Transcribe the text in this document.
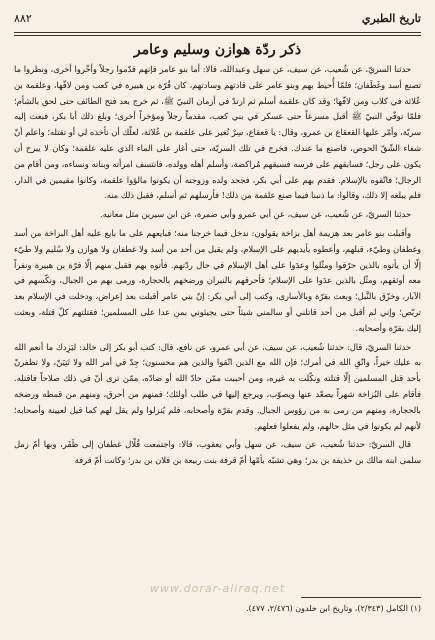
تاريخ الطبري
٨٨٢
ذكر ردّة هوازن وسليم وعامر

حدثنا السريّ، عن شُعيب، عن سيف، عن سهل وعبدالله، قالا: أما بنو عامر فإنهم قدّموا رجلاً وأخّروا أخرى، ونظروا ما تصنع أسد وغَطَفان؛ فلمّا أُحيط بهم وبنو عامر على قادتهم وسادتهم، كان قُرّة بن هبيرة في كعب ومن لافّها، وعلقمة بن عُلاثة في كلاب ومن لافّها؛ وقد كان علقمة أسلم ثم ارتدّ في أزمان النبيّ ﷺ، ثم خرج بعد فتح الطائف حتى لحق بالشأم؛ فلمّا توفّي النبيّ ﷺ أقبل مسرعاً حتى عسكر في بني كعب، مقدماً رجلاً ومؤخراً أخرى؛ وبلغ ذلك أبا بكر، فبعث إليه سريّة، وأمّر عليها القعقاع بن عمرو، وقال: يا قعقاع، سِرْ تُغير على علقمة بن عُلاثة، لعلّك أن تأخذه لي أو تقتله؛ واعلم أنّ شفاء الشّقّ الحوص، فاصنع ما عندك. فخرج في تلك السريّة، حتى أغار على الماء الذي عليه علقمة؛ وكان لا يبرح أن يكون على رجل؛ فسابقهم على فرسه فسبقهم مُراكضة، وأسلم أهله وولده، فانتسف امرأته وبناته ونساءه، ومن أقام من الرجال؛ فاتّقوه بالإسلام. فقدم بهم على أبي بكر، فجحد ولده وزوجته أن يكونوا مالؤوا علقمة، وكانوا مقيمين في الدار، فلم يبلغه إلا ذلك، وقالوا: ما ذنبنا فيما صنع علقمة من ذلك! فأرسلهم ثم أسلم، فقبل ذلك منه.

حدثنا السريّ، عن شُعيب، عن سيف، عن أبي عمرو وأبي ضمرة، عن ابن سيرين مثل معانيه.

وأقبلت بنو عامر بعد هزيمة أهل بزاخة يقولون: ندخل فيما خرجنا منه؛ فبايعهم على ما بايع عليه أهل البزاخة من أسد وغطفان وطيّء، قبلهم، وأعطوه بأيديهم على الإسلام، ولم يقبل من أحد من أسد ولا غطفان ولا هوازن ولا سُليم ولا طيّء إلّا أن يأتوه بالذين حرّقوا ومثّلوا وعدَوا على أهل الإسلام في حال ردّتهم. فأتوه بهم فقبل منهم إلّا قرّة بن هبيرة ونفراً معه أوثقهم، ومثّل بالذين عدَوا على الإسلام؛ فأحرقهم بالنيران ورضخهم بالحجارة، ورمى بهم من الجبال، ونكّسهم في الآبار، وخزّق بالنَّبل؛ وبعث بقرّة وبالأسارى، وكتب إلى أبي بكر: إنّ بني عامر أقبلت بعد إعراض، ودخلت في الإسلام بعد تربّص؛ وإني لم أقبل من أحد قاتلني أو سالمني شيئاً حتى يجيئوني بمن عدا على المسلمين؛ فقتلتهم كلّ قتلة، وبعثت إليك بقرّة وأصحابه.

حدثنا السريّ، قال: حدثنا شُعيب، عن سيف، عن أبي عمرو، عن نافع، قال: كتب أبو بكر إلى خالد: ليَزِدك ما أنعم الله به عليك خيراً، واتّقِ الله في أمرك؛ فإن الله مع الذين اتّقوا والذين هم محسنون؛ جِدّ في أمر الله ولا تَنِيَنّ، ولا تظفرنّ بأحد قتل المسلمين إلّا قتلته ونكّلت به غيره، ومن أحببت ممّن حادّ الله أو ضادّه، ممّن ترى أنّ في ذلك صلاحاً فاقتله. فأقام على البُزاخة شهراً يصعّد عنها ويصوّب، ويرجع إليها في طلب أولئك؛ فمنهم من أحرق، ومنهم من قمطه ورضخه بالحجارة، ومنهم من رمى به من رؤوس الجبال. وقدم بقرّة وأصحابه، فلم يُنزلوا ولم يقل لهم كما قيل لعيينة وأصحابه؛ لأنهم لم يكونوا في مثل حالهم، ولم يفعلوا فعلهم.

قال السريّ: حدثنا شُعيب، عن سيف، عن سهل وأبي يعقوب، قالا: واجتمعت فُلّال غطفان إلى ظَفَر، وبها أمّ زمل سلمى ابنة مالك بن حذيفة بن بدر؛ وهي تشبّه بأمّها أمّ قرفة بنت ربيعة بن فلان بن بدر؛ وكانت أمّ قرفة

www.dorar-aliraq.net
(١) الكامل (٢/٣٤٣)، وتاريخ ابن خلدون (٢/٤٧٦، ٤٧٧).
